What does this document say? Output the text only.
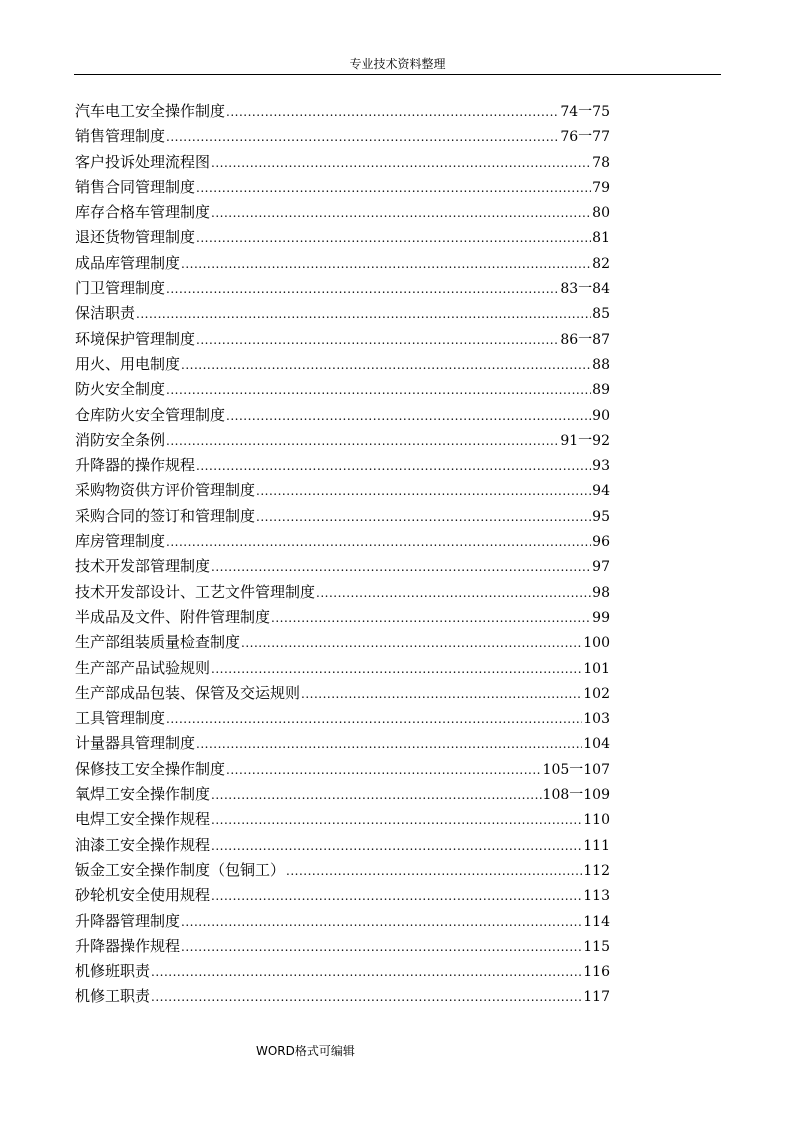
专业技术资料整理
汽车电工安全操作制度 .....	74一75
销售管理制度 .....	76一77
客户投诉处理流程图 .....	78
销售合同管理制度 .....	79
库存合格车管理制度 .....	80
退还货物管理制度 .....	81
成品库管理制度 .....	82
门卫管理制度 .....	83一84
保洁职责 .....	85
环境保护管理制度 .....	86一87
用火、用电制度 .....	88
防火安全制度 .....	89
仓库防火安全管理制度 .....	90
消防安全条例 .....	91一92
升降器的操作规程 .....	93
采购物资供方评价管理制度 .....	94
采购合同的签订和管理制度 .....	95
库房管理制度 .....	96
技术开发部管理制度 .....	97
技术开发部设计、工艺文件管理制度 .....	98
半成品及文件、附件管理制度 .....	99
生产部组装质量检查制度 .....	100
生产部产品试验规则 .....	101
生产部成品包装、保管及交运规则 .....	102
工具管理制度 .....	103
计量器具管理制度 .....	104
保修技工安全操作制度 .....	105一107
氧焊工安全操作制度 .....	108一109
电焊工安全操作规程 .....	110
油漆工安全操作规程 .....	111
钣金工安全操作制度（包铜工） .....	112
砂轮机安全使用规程 .....	113
升降器管理制度 .....	114
升降器操作规程 .....	115
机修班职责 .....	116
机修工职责 .....	117
WORD格式可编辑
